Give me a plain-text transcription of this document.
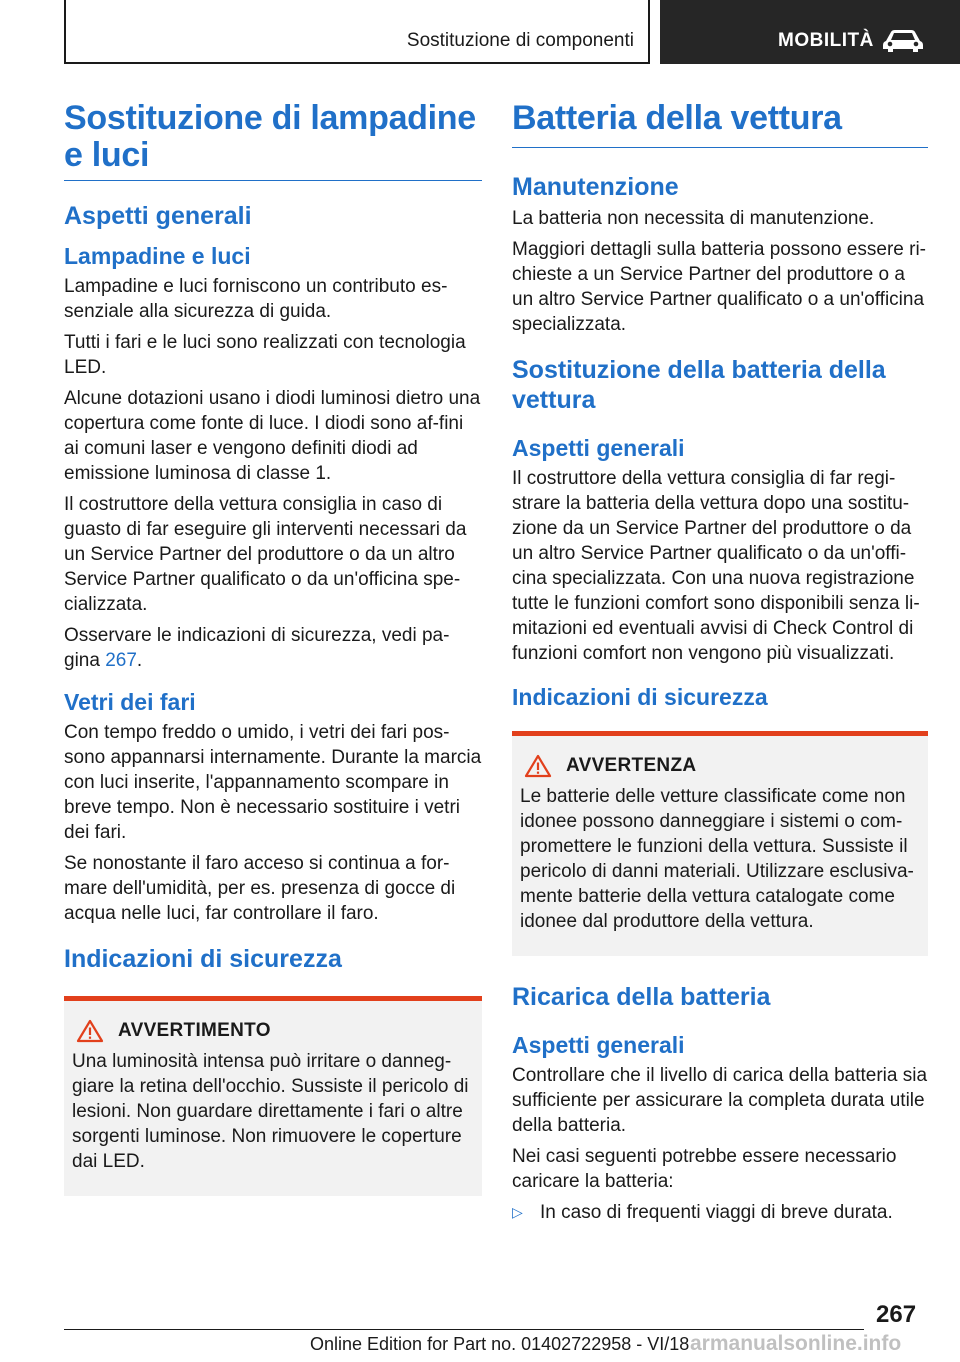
Sostituzione di componenti	MOBILITÀ
Sostituzione di lampadine e luci
Aspetti generali
Lampadine e luci

Lampadine e luci forniscono un contributo es-senziale alla sicurezza di guida.

Tutti i fari e le luci sono realizzati con tecnologia LED.

Alcune dotazioni usano i diodi luminosi dietro una copertura come fonte di luce. I diodi sono af-fini ai comuni laser e vengono definiti diodi ad emissione luminosa di classe 1.

Il costruttore della vettura consiglia in caso di guasto di far eseguire gli interventi necessari da un Service Partner del produttore o da un altro Service Partner qualificato o da un'officina spe-cializzata.

Osservare le indicazioni di sicurezza, vedi pa-gina 267.

Vetri dei fari

Con tempo freddo o umido, i vetri dei fari pos-sono appannarsi internamente. Durante la marcia con luci inserite, l'appannamento scompare in breve tempo. Non è necessario sostituire i vetri dei fari.

Se nonostante il faro acceso si continua a for-mare dell'umidità, per es. presenza di gocce di acqua nelle luci, far controllare il faro.

Indicazioni di sicurezza
AVVERTIMENTO

Una luminosità intensa può irritare o danneg-giare la retina dell'occhio. Sussiste il pericolo di lesioni. Non guardare direttamente i fari o altre sorgenti luminose. Non rimuovere le coperture dai LED.

Batteria della vettura
Manutenzione

La batteria non necessita di manutenzione.

Maggiori dettagli sulla batteria possono essere ri-chieste a un Service Partner del produttore o a un altro Service Partner qualificato o a un'officina specializzata.

Sostituzione della batteria della vettura
Aspetti generali

Il costruttore della vettura consiglia di far regi-strare la batteria della vettura dopo una sostitu-zione da un Service Partner del produttore o da un altro Service Partner qualificato o da un'offi-cina specializzata. Con una nuova registrazione tutte le funzioni comfort sono disponibili senza li-mitazioni ed eventuali avvisi di Check Control di funzioni comfort non vengono più visualizzati.

Indicazioni di sicurezza
AVVERTENZA

Le batterie delle vetture classificate come non idonee possono danneggiare i sistemi o com-promettere le funzioni della vettura. Sussiste il pericolo di danni materiali. Utilizzare esclusiva-mente batterie della vettura catalogate come idonee dal produttore della vettura.

Ricarica della batteria
Aspetti generali

Controllare che il livello di carica della batteria sia sufficiente per assicurare la completa durata utile della batteria.

Nei casi seguenti potrebbe essere necessario caricare la batteria:

▷ In caso di frequenti viaggi di breve durata.
267
Online Edition for Part no. 01402722958 - VI/18 armanualsonline.info
